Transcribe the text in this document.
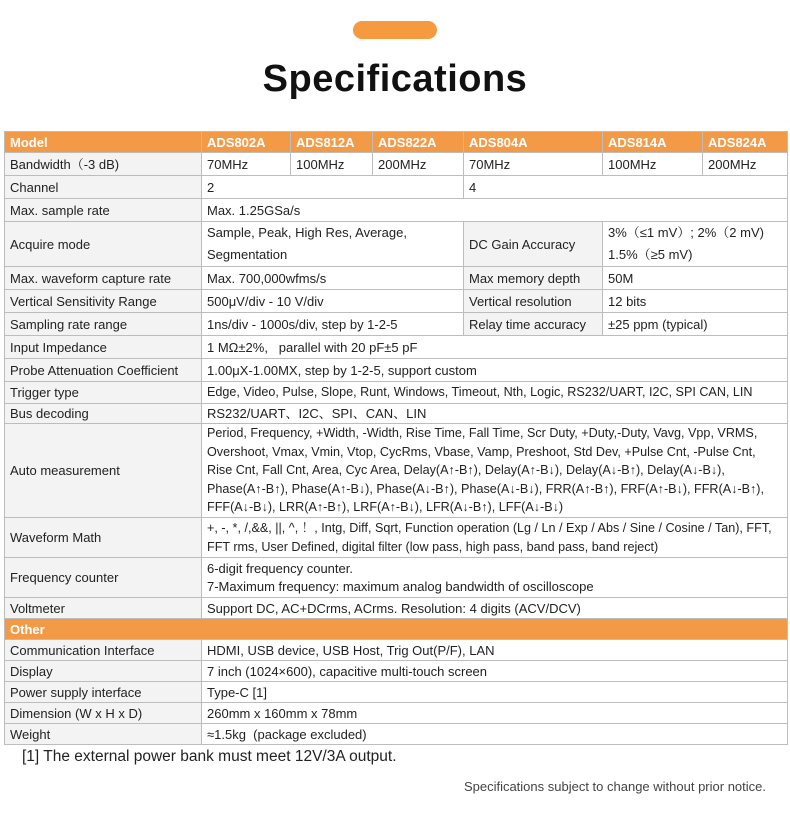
Specifications
Model	ADS802A	ADS812A	ADS822A	ADS804A	ADS814A	ADS824A
Bandwidth（-3 dB)	70MHz	100MHz	200MHz	70MHz	100MHz	200MHz
Channel	2			4		
Max. sample rate	Max. 1.25GSa/s					
Acquire mode	Sample, Peak, High Res, Average, Segmentation			DC Gain Accuracy	3%（≤1 mV）; 2%（2 mV)
1.5%（≥5 mV)	

Max. waveform capture rate	Max. 700,000wfms/s			Max memory depth	50M	
Vertical Sensitivity Range	500μV/div - 10 V/div			Vertical resolution	12 bits	
Sampling rate range	1ns/div - 1000s/div, step by 1-2-5			Relay time accuracy	±25 ppm (typical)	
Input Impedance	1 MΩ±2%,   parallel with 20 pF±5 pF					
Probe Attenuation Coefficient	1.00μX-1.00MX, step by 1-2-5, support custom					
Trigger type	Edge, Video, Pulse, Slope, Runt, Windows, Timeout, Nth, Logic, RS232/UART, I2C, SPI CAN, LIN					
Bus decoding	RS232/UART、I2C、SPI、CAN、LIN					
Auto measurement	Period, Frequency, +Width, -Width, Rise Time, Fall Time, Scr Duty, +Duty,-Duty, Vavg, Vpp, VRMS, Overshoot, Vmax, Vmin, Vtop, CycRms, Vbase, Vamp, Preshoot, Std Dev, +Pulse Cnt, -Pulse Cnt, Rise Cnt, Fall Cnt, Area, Cyc Area, Delay(A↑-B↑), Delay(A↑-B↓), Delay(A↓-B↑), Delay(A↓-B↓), Phase(A↑-B↑), Phase(A↑-B↓), Phase(A↓-B↑), Phase(A↓-B↓), FRR(A↑-B↑), FRF(A↑-B↓), FFR(A↓-B↑), FFF(A↓-B↓), LRR(A↑-B↑), LRF(A↑-B↓), LFR(A↓-B↑), LFF(A↓-B↓)					
Waveform Math	+, -, *, /,&&, ||, ^, ！, Intg, Diff, Sqrt, Function operation (Lg / Ln / Exp / Abs / Sine / Cosine / Tan), FFT, FFT rms, User Defined, digital filter (low pass, high pass, band pass, band reject)					
Frequency counter	6-digit frequency counter.
7-Maximum frequency: maximum analog bandwidth of oscilloscope					

Voltmeter	Support DC, AC+DCrms, ACrms. Resolution: 4 digits (ACV/DCV)					
Other						
Communication Interface	HDMI, USB device, USB Host, Trig Out(P/F), LAN					
Display	7 inch (1024×600), capacitive multi-touch screen					
Power supply interface	Type-C [1]					
Dimension (W x H x D)	260mm x 160mm x 78mm					
Weight	≈1.5kg  (package excluded)					
[1] The external power bank must meet 12V/3A output.
Specifications subject to change without prior notice.
